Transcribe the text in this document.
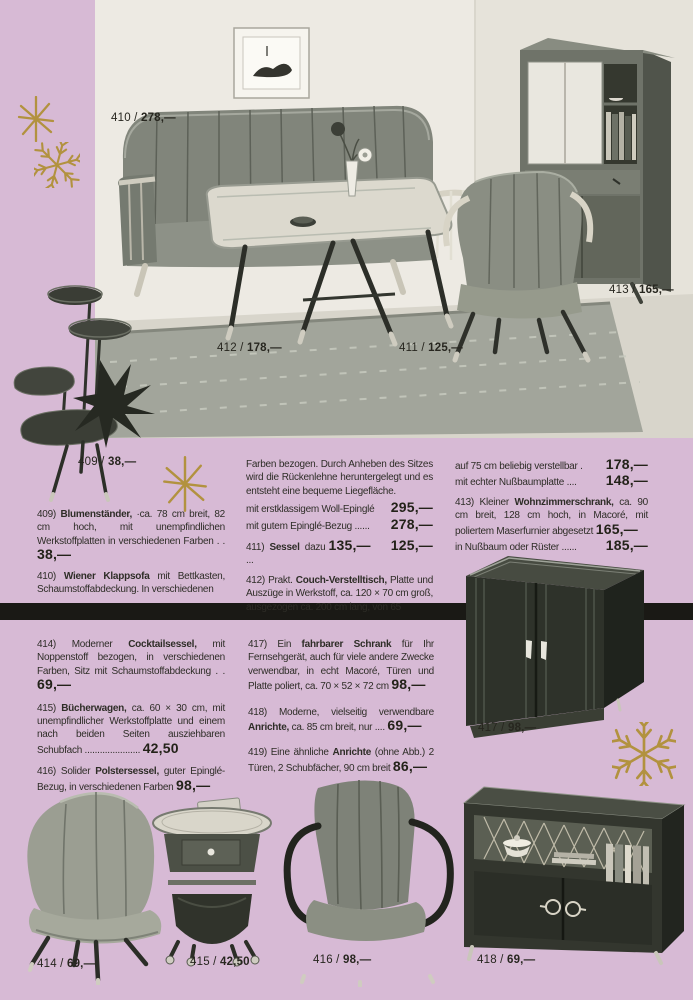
410 / 278,—
412 / 178,—	411 / 125,—
413 / 165,—
409 / 38,—

409) Blumenständer, ·ca. 78 cm breit, 82 cm hoch, mit unempfindlichen Werkstoffplatten in verschiedenen Farben . . 38,—

410) Wiener Klappsofa mit Bettkasten, Schaumstoffabdeckung. In verschiedenen

Farben bezogen. Durch Anheben des Sitzes wird die Rückenlehne heruntergelegt und es entsteht eine bequeme Liegefläche.

mit erstklassigem Woll-Epinglé 295,—
mit gutem Epinglé-Bezug ...... 278,—
411) Sessel dazu ...
135,— 125,—

412) Prakt. Couch-Verstelltisch, Platte und Auszüge in Werkstoff, ca. 120 × 70 cm groß, ausgezogen ca. 200 cm lang, von 65

auf 75 cm beliebig verstellbar . 178,—
mit echter Nußbaumplatte .... 148,—

413) Kleiner Wohnzimmerschrank, ca. 90 cm breit, 128 cm hoch, in Macoré, mit poliertem Maserfurnier abgesetzt 165,—

in Nußbaum oder Rüster ...... 185,—

414) Moderner Cocktailsessel, mit Noppenstoff bezogen, in verschiedenen Farben, Sitz mit Schaumstoffabdeckung . . 69,—

415) Bücherwagen, ca. 60 × 30 cm, mit unempfindlicher Werkstoffplatte und einem nach beiden Seiten ausziehbaren Schubfach ...................... 42,50

416) Solider Polstersessel, guter Epinglé-Bezug, in verschiedenen Farben 98,—

417) Ein fahrbarer Schrank für Ihr Fernsehgerät, auch für viele andere Zwecke verwendbar, in echt Macoré, Türen und Platte poliert, ca. 70 × 52 × 72 cm 98,—

418) Moderne, vielseitig verwendbare Anrichte, ca. 85 cm breit, nur .... 69,—

419) Eine ähnliche Anrichte (ohne Abb.) 2 Türen, 2 Schubfächer, 90 cm breit 86,—

417 / 98,—
414 / 69,—	415 / 42,50	416 / 98,—	418 / 69,—
